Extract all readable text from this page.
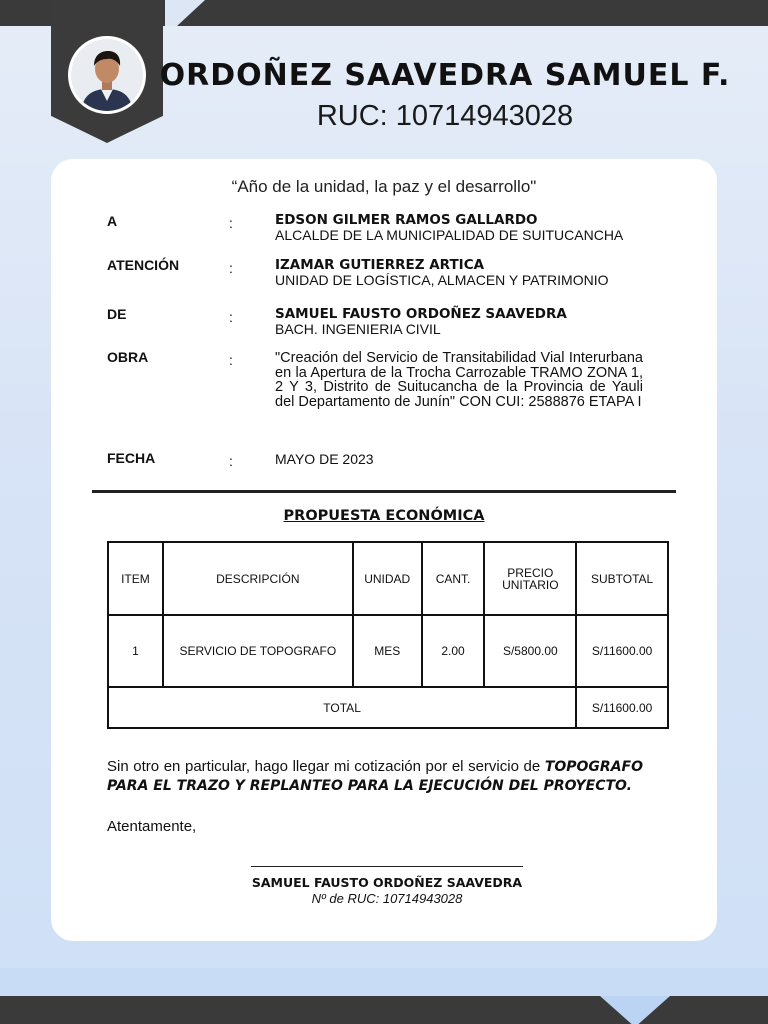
ORDOÑEZ SAAVEDRA SAMUEL F.
RUC: 10714943028
“Año de la unidad, la paz y el desarrollo"
A	:	EDSON GILMER RAMOS GALLARDO
ALCALDE DE LA MUNICIPALIDAD DE SUITUCANCHA
ATENCIÓN	:	IZAMAR GUTIERREZ ARTICA
UNIDAD DE LOGÍSTICA, ALMACEN Y PATRIMONIO
DE	:	SAMUEL FAUSTO ORDOÑEZ SAAVEDRA
BACH. INGENIERIA CIVIL
OBRA	:	"Creación del Servicio de Transitabilidad Vial Interurbana en la Apertura de la Trocha Carrozable TRAMO ZONA 1, 2 Y 3, Distrito de Suitucancha de la Provincia de Yauli del Departamento de Junín" CON CUI: 2588876 ETAPA I
FECHA	:	MAYO DE 2023
PROPUESTA ECONÓMICA
ITEM	DESCRIPCIÓN	UNIDAD	CANT.	PRECIO UNITARIO	SUBTOTAL
1	SERVICIO DE TOPOGRAFO	MES	2.00	S/5800.00	S/11600.00
TOTAL					S/11600.00
Sin otro en particular, hago llegar mi cotización por el servicio de TOPOGRAFO PARA EL TRAZO Y REPLANTEO PARA LA EJECUCIÓN DEL PROYECTO.
Atentamente,
SAMUEL FAUSTO ORDOÑEZ SAAVEDRA
Nº de RUC: 10714943028
